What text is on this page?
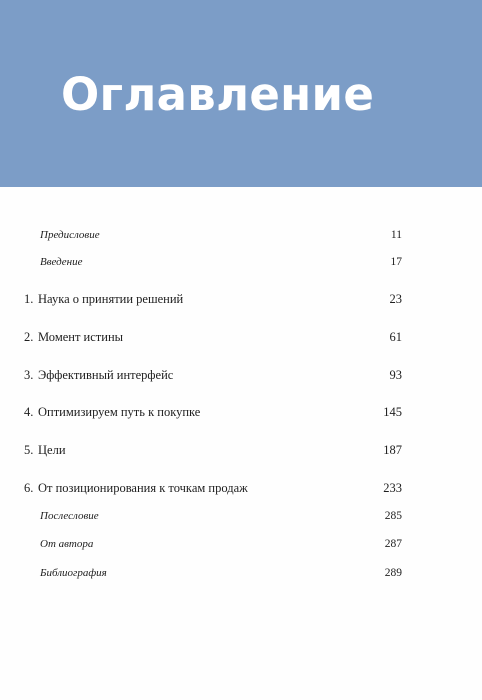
Оглавление
Предисловие	11
Введение	17
1. Наука о принятии решений	23
2. Момент истины	61
3. Эффективный интерфейс	93
4. Оптимизируем путь к покупке	145
5. Цели	187
6. От позиционирования к точкам продаж	233
Послесловие	285
От автора	287
Библиография	289
